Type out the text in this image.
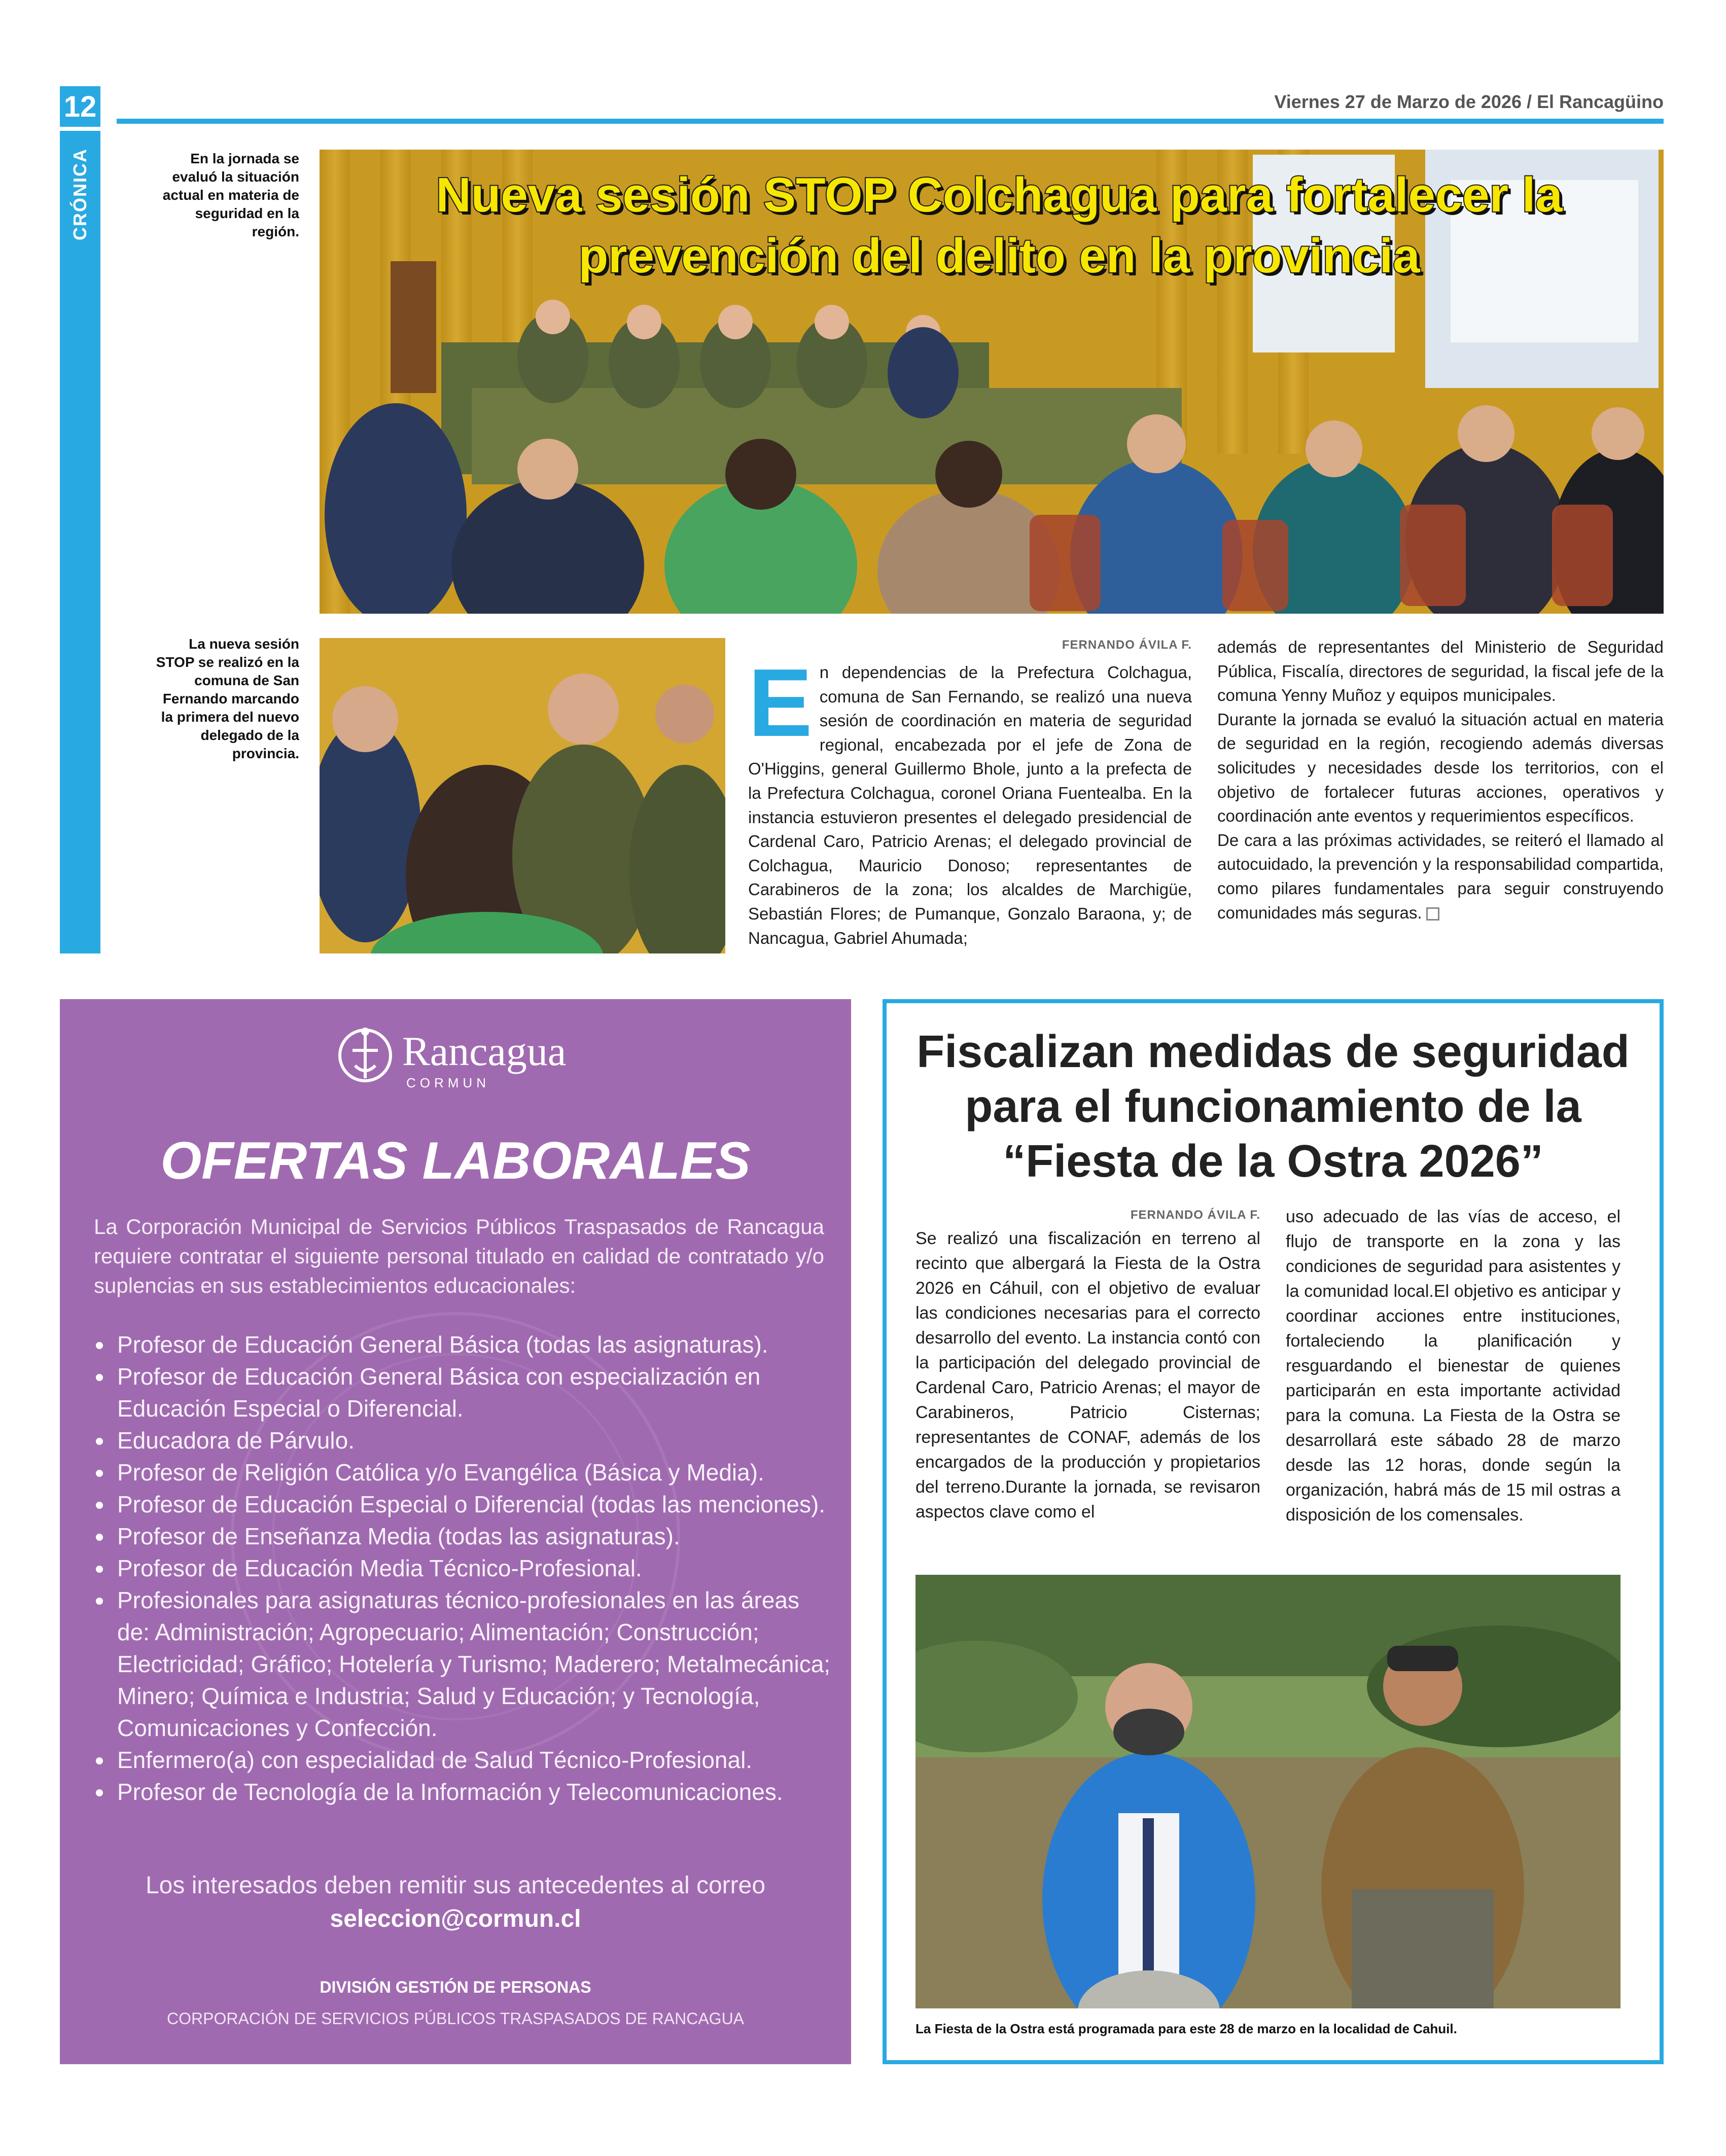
12	Viernes 27 de Marzo de 2026 / El Rancagüino
CRÓNICA	En la jornada se evaluó la situación actual en materia de seguridad en la región.
Nueva sesión STOP Colchagua para fortalecer la prevención del delito en la provincia
La nueva sesión STOP se realizó en la comuna de San Fernando marcando la primera del nuevo delegado de la provincia.
FERNANDO ÁVILA F.
En dependencias de la Prefectura Colchagua, comuna de San Fernando, se realizó una nueva sesión de coordinación en materia de seguridad regional, encabezada por el jefe de Zona de O'Higgins, general Guillermo Bhole, junto a la prefecta de la Prefectura Colchagua, coronel Oriana Fuentealba. En la instancia estuvieron presentes el delegado presidencial de Cardenal Caro, Patricio Arenas; el delegado provincial de Colchagua, Mauricio Donoso; representantes de Carabineros de la zona; los alcaldes de Marchigüe, Sebastián Flores; de Pumanque, Gonzalo Baraona, y; de Nancagua, Gabriel Ahumada;
además de representantes del Ministerio de Seguridad Pública, Fiscalía, directores de seguridad, la fiscal jefe de la comuna Yenny Muñoz y equipos municipales.
Durante la jornada se evaluó la situación actual en materia de seguridad en la región, recogiendo además diversas solicitudes y necesidades desde los territorios, con el objetivo de fortalecer futuras acciones, operativos y coordinación ante eventos y requerimientos específicos.
De cara a las próximas actividades, se reiteró el llamado al autocuidado, la prevención y la responsabilidad compartida, como pilares fundamentales para seguir construyendo comunidades más seguras.
Rancagua
CORMUN
OFERTAS LABORALES
La Corporación Municipal de Servicios Públicos Traspasados de Rancagua requiere contratar el siguiente personal titulado en calidad de contratado y/o suplencias en sus establecimientos educacionales:
Profesor de Educación General Básica (todas las asignaturas).
Profesor de Educación General Básica con especialización en Educación Especial o Diferencial.
Educadora de Párvulo.
Profesor de Religión Católica y/o Evangélica (Básica y Media).
Profesor de Educación Especial o Diferencial (todas las menciones).
Profesor de Enseñanza Media (todas las asignaturas).
Profesor de Educación Media Técnico-Profesional.
Profesionales para asignaturas técnico-profesionales en las áreas de: Administración; Agropecuario; Alimentación; Construcción; Electricidad; Gráfico; Hotelería y Turismo; Maderero; Metalmecánica; Minero; Química e Industria; Salud y Educación; y Tecnología, Comunicaciones y Confección.
Enfermero(a) con especialidad de Salud Técnico-Profesional.
Profesor de Tecnología de la Información y Telecomunicaciones.
Los interesados deben remitir sus antecedentes al correo
seleccion@cormun.cl
DIVISIÓN GESTIÓN DE PERSONAS
CORPORACIÓN DE SERVICIOS PÚBLICOS TRASPASADOS DE RANCAGUA
Fiscalizan medidas de seguridad para el funcionamiento de la “Fiesta de la Ostra 2026”
FERNANDO ÁVILA F.
Se realizó una fiscalización en terreno al recinto que albergará la Fiesta de la Ostra 2026 en Cáhuil, con el objetivo de evaluar las condiciones necesarias para el correcto desarrollo del evento. La instancia contó con la participación del delegado provincial de Cardenal Caro, Patricio Arenas; el mayor de Carabineros, Patricio Cisternas; representantes de CONAF, además de los encargados de la producción y propietarios del terreno.Durante la jornada, se revisaron aspectos clave como el
uso adecuado de las vías de acceso, el flujo de transporte en la zona y las condiciones de seguridad para asistentes y la comunidad local.El objetivo es anticipar y coordinar acciones entre instituciones, fortaleciendo la planificación y resguardando el bienestar de quienes participarán en esta importante actividad para la comuna. La Fiesta de la Ostra se desarrollará este sábado 28 de marzo desde las 12 horas, donde según la organización, habrá más de 15 mil ostras a disposición de los comensales.
La Fiesta de la Ostra está programada para este 28 de marzo en la localidad de Cahuil.
